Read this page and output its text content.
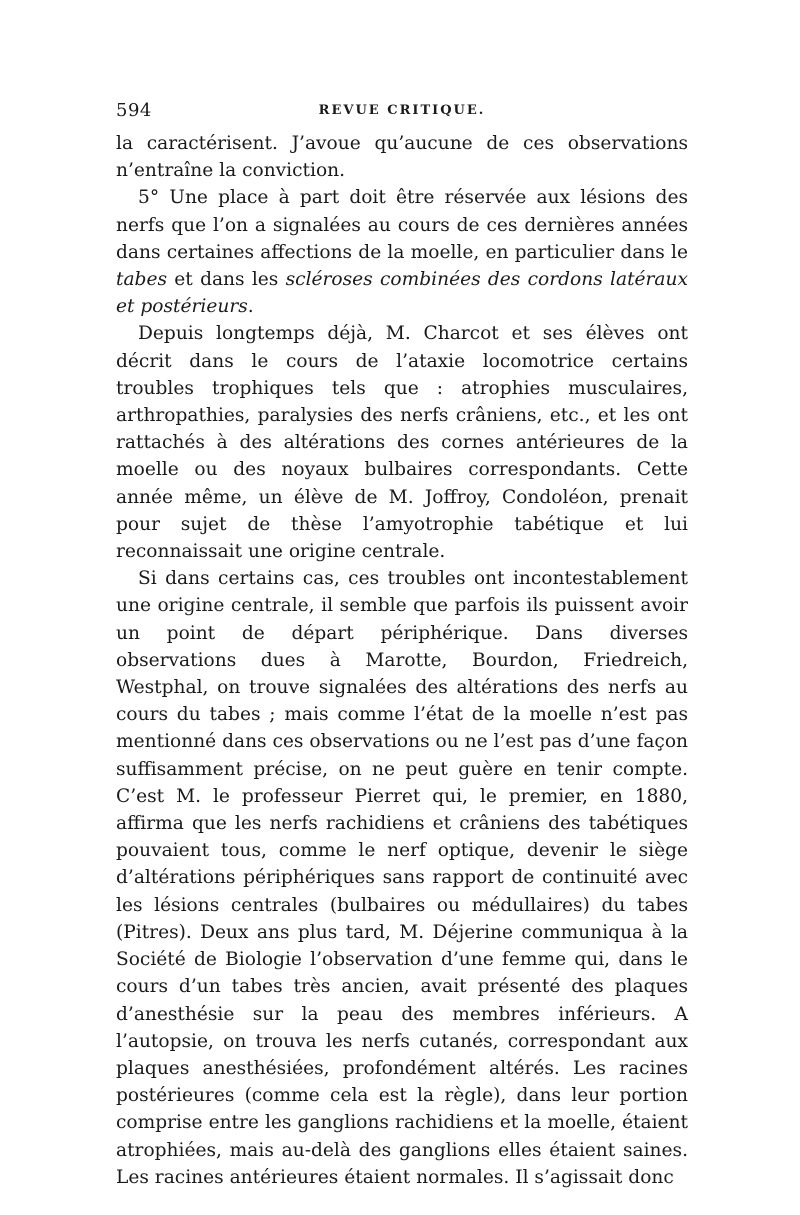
594	REVUE CRITIQUE.

la caractérisent. J’avoue qu’aucune de ces observations n’entraîne la conviction.

5° Une place à part doit être réservée aux lésions des nerfs que l’on a signalées au cours de ces dernières années dans certaines affections de la moelle, en particulier dans le tabes et dans les scléroses combinées des cordons latéraux et postérieurs.

Depuis longtemps déjà, M. Charcot et ses élèves ont décrit dans le cours de l’ataxie locomotrice certains troubles trophiques tels que : atrophies musculaires, arthropathies, paralysies des nerfs crâniens, etc., et les ont rattachés à des altérations des cornes antérieures de la moelle ou des noyaux bulbaires correspondants. Cette année même, un élève de M. Joffroy, Condoléon, prenait pour sujet de thèse l’amyotrophie tabétique et lui reconnaissait une origine centrale.

Si dans certains cas, ces troubles ont incontestablement une origine centrale, il semble que parfois ils puissent avoir un point de départ périphérique. Dans diverses observations dues à Marotte, Bourdon, Friedreich, Westphal, on trouve signalées des altérations des nerfs au cours du tabes ; mais comme l’état de la moelle n’est pas mentionné dans ces observations ou ne l’est pas d’une façon suffisamment précise, on ne peut guère en tenir compte. C’est M. le professeur Pierret qui, le premier, en 1880, affirma que les nerfs rachidiens et crâniens des tabétiques pouvaient tous, comme le nerf optique, devenir le siège d’altérations périphériques sans rapport de continuité avec les lésions centrales (bulbaires ou médullaires) du tabes (Pitres). Deux ans plus tard, M. Déjerine communiqua à la Société de Biologie l’observation d’une femme qui, dans le cours d’un tabes très ancien, avait présenté des plaques d’anesthésie sur la peau des membres inférieurs. A l’autopsie, on trouva les nerfs cutanés, correspondant aux plaques anesthésiées, profondément altérés. Les racines postérieures (comme cela est la règle), dans leur portion comprise entre les ganglions rachidiens et la moelle, étaient atrophiées, mais au-delà des ganglions elles étaient saines. Les racines antérieures étaient normales. Il s’agissait donc
